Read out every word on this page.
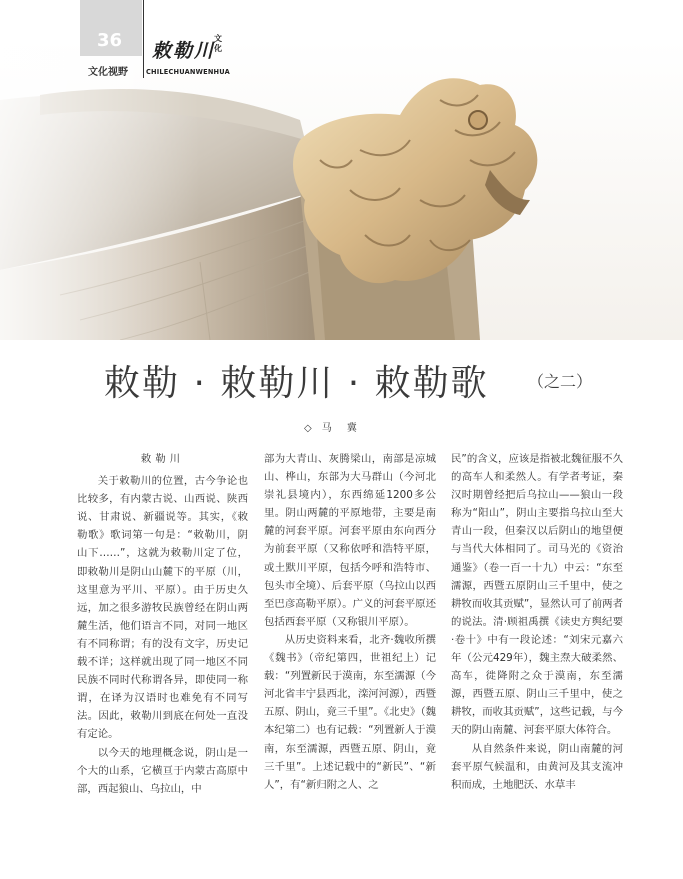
36
文化视野
敕勒川
文化
CHILECHUANWENHUA
敕勒 · 敕勒川 · 敕勒歌 （之二）
◇ 马 冀

敕勒川

关于敕勒川的位置，古今争论也比较多，有内蒙古说、山西说、陕西说、甘肃说、新疆说等。其实，《敕勒歌》歌词第一句是：“敕勒川，阴山下……”，这就为敕勒川定了位，即敕勒川是阴山山麓下的平原（川，这里意为平川、平原）。由于历史久远，加之很多游牧民族曾经在阴山两麓生活，他们语言不同，对同一地区有不同称谓；有的没有文字，历史记载不详；这样就出现了同一地区不同民族不同时代称谓各异，即使同一称谓，在译为汉语时也难免有不同写法。因此，敕勒川到底在何处一直没有定论。

以今天的地理概念说，阴山是一个大的山系，它横亘于内蒙古高原中部，西起狼山、乌拉山，中

部为大青山、灰腾梁山，南部是凉城山、桦山，东部为大马群山（今河北崇礼县境内），东西绵延1200多公里。阴山两麓的平原地带，主要是南麓的河套平原。河套平原由东向西分为前套平原（又称依呼和浩特平原，或土默川平原，包括今呼和浩特市、包头市全境）、后套平原（乌拉山以西至巴彦高勒平原）。广义的河套平原还包括西套平原（又称银川平原）。

从历史资料来看，北齐·魏收所撰《魏书》（帝纪第四，世祖纪上）记载：“列置新民于漠南，东至濡源（今河北省丰宁县西北，滦河河源），西暨五原、阴山，竟三千里”。《北史》（魏本纪第二）也有记载：“列置新人于漠南，东至濡源，西暨五原、阴山，竟三千里”。上述记载中的“新民”、“新人”，有“新归附之人、之

民”的含义，应该是指被北魏征服不久的高车人和柔然人。有学者考证，秦汉时期曾经把后乌拉山——狼山一段称为“阳山”，阴山主要指乌拉山至大青山一段，但秦汉以后阴山的地望便与当代大体相同了。司马光的《资治通鉴》（卷一百一十九）中云：“东至濡源，西暨五原阴山三千里中，使之耕牧而收其贡赋”，显然认可了前两者的说法。清·顾祖禹撰《读史方舆纪要·卷十》中有一段论述：“刘宋元嘉六年（公元429年），魏主焘大破柔然、高车，徙降附之众于漠南，东至濡源，西暨五原、阴山三千里中，使之耕牧，而收其贡赋”，这些记载，与今天的阴山南麓、河套平原大体符合。

从自然条件来说，阴山南麓的河套平原气候温和，由黄河及其支流冲积而成，土地肥沃、水草丰
